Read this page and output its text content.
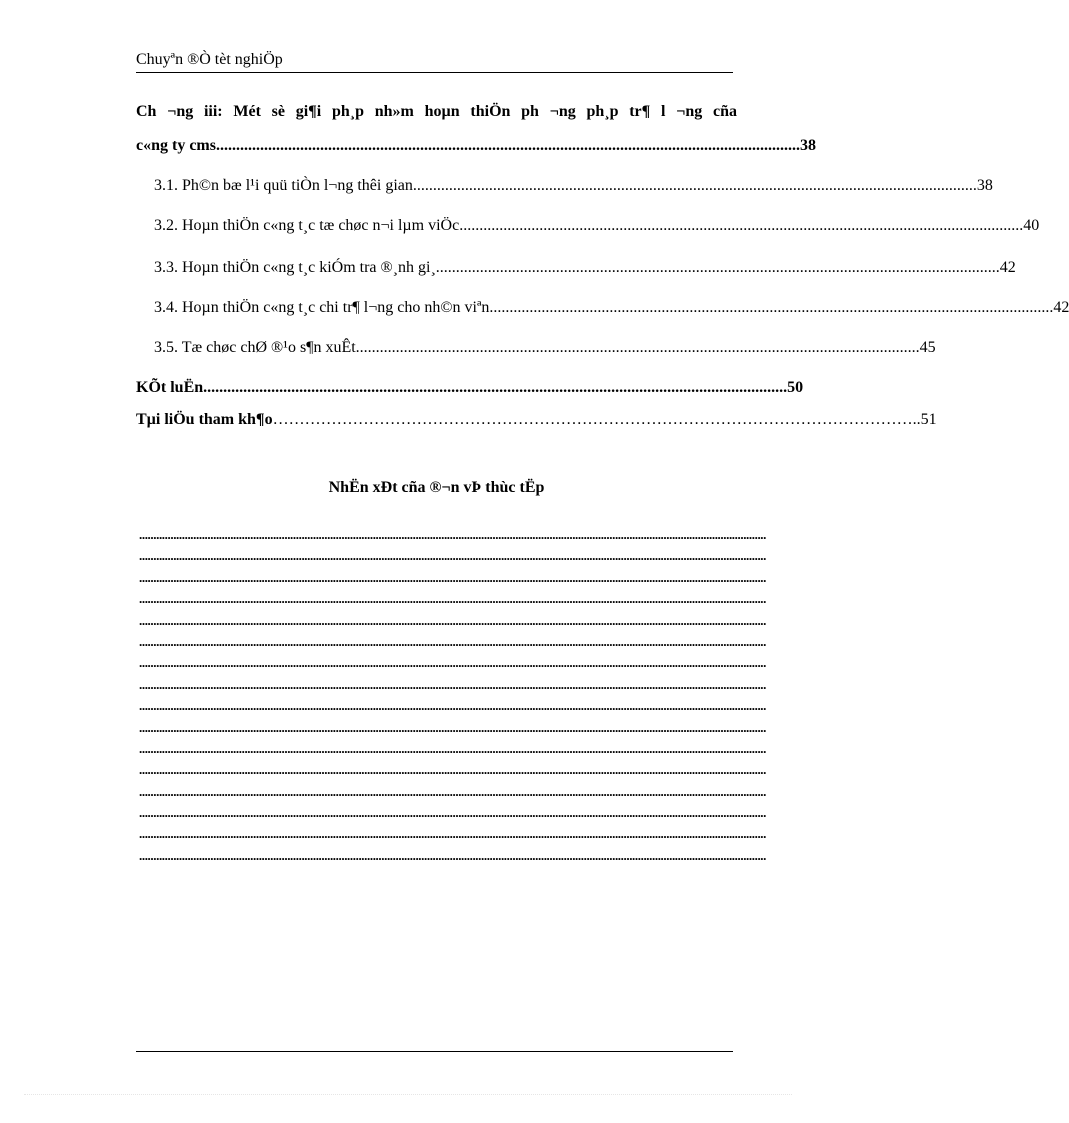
Chuyªn ®Ò tèt nghiÖp
Ch ¬ng iii: Mét sè gi¶i ph¸p nh»m hoµn thiÖn ph ¬ng ph¸p tr¶ l ¬ng cña
c«ng ty cms .................................................................................................................................................. 38
3.1. Ph©n bæ l¹i quü tiÒn l¬ng thêi gian. ............................................................................................................................................ 38
3.2. Hoµn thiÖn c«ng t¸c tæ chøc n¬i lµm viÖc. ............................................................................................................................................ 40
3.3. Hoµn thiÖn c«ng t¸c kiÓm tra ®¸nh gi¸. ............................................................................................................................................ 42
3.4. Hoµn thiÖn c«ng t¸c chi tr¶ l¬ng cho nh©n viªn. ............................................................................................................................................ 42
3.5. Tæ chøc chØ ®¹o s¶n xuÊt. ............................................................................................................................................ 45
KÕt luËn .................................................................................................................................................. 50
Tµi liÖu tham kh¶o ………………………………………………………………………………………………………… ..51
NhËn xÐt cña ®¬n vÞ thùc tËp
............................................................................................................................................................................................................................
............................................................................................................................................................................................................................
............................................................................................................................................................................................................................
............................................................................................................................................................................................................................
............................................................................................................................................................................................................................
............................................................................................................................................................................................................................
............................................................................................................................................................................................................................
............................................................................................................................................................................................................................
............................................................................................................................................................................................................................
............................................................................................................................................................................................................................
............................................................................................................................................................................................................................
............................................................................................................................................................................................................................
............................................................................................................................................................................................................................
............................................................................................................................................................................................................................
............................................................................................................................................................................................................................
............................................................................................................................................................................................................................
